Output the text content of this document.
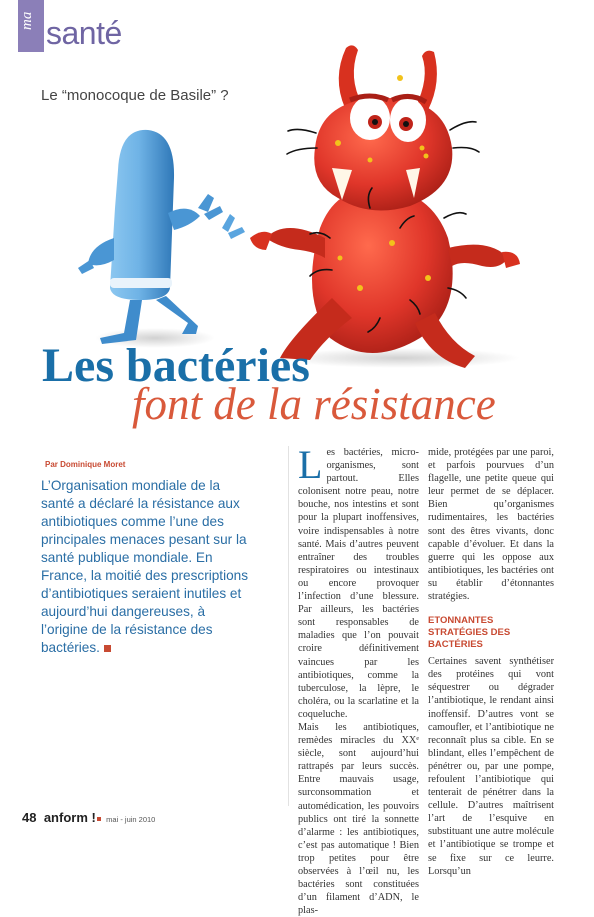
ma santé
Le “monocoque de Basile” ?
Les bactéries
font de la résistance
Par Dominique Moret
L’Organisation mondiale de la santé a déclaré la résistance aux antibiotiques comme l’une des principales menaces pesant sur la santé publique mondiale. En France, la moitié des prescriptions d’antibiotiques seraient inutiles et aujourd’hui dangereuses, à l’origine de la résistance des bactéries.

Les bactéries, micro-organismes, sont partout. Elles colonisent notre peau, notre bouche, nos intestins et sont pour la plupart inoffensives, voire indispensables à notre santé. Mais d’autres peuvent entraîner des troubles respiratoires ou intestinaux ou encore provoquer l’infection d’une blessure. Par ailleurs, les bactéries sont responsables de maladies que l’on pouvait croire définitivement vaincues par les antibiotiques, comme la tuberculose, la lèpre, le choléra, ou la scarlatine et la coqueluche.

Mais les antibiotiques, remèdes miracles du XXᵉ siècle, sont aujourd’hui rattrapés par leurs succès. Entre mauvais usage, surconsommation et automédication, les pouvoirs publics ont tiré la sonnette d’alarme : les antibiotiques, c’est pas automatique ! Bien trop petites pour être observées à l’œil nu, les bactéries sont constituées d’un filament d’ADN, le plas-

mide, protégées par une paroi, et parfois pourvues d’un flagelle, une petite queue qui leur permet de se déplacer. Bien qu’organismes rudimentaires, les bactéries sont des êtres vivants, donc capable d’évoluer. Et dans la guerre qui les oppose aux antibiotiques, les bactéries ont su établir d’étonnantes stratégies.

ETONNANTES STRATÉGIES DES BACTÉRIES

Certaines savent synthétiser des protéines qui vont séquestrer ou dégrader l’antibiotique, le rendant ainsi inoffensif. D’autres vont se camoufler, et l’antibiotique ne reconnaît plus sa cible. En se blindant, elles l’empêchent de pénétrer ou, par une pompe, refoulent l’antibiotique qui tenterait de pénétrer dans la cellule. D’autres maîtrisent l’art de l’esquive en substituant une autre molécule et l’antibiotique se trompe et se fixe sur ce leurre. Lorsqu’un

48 anform ! mai - juin 2010
